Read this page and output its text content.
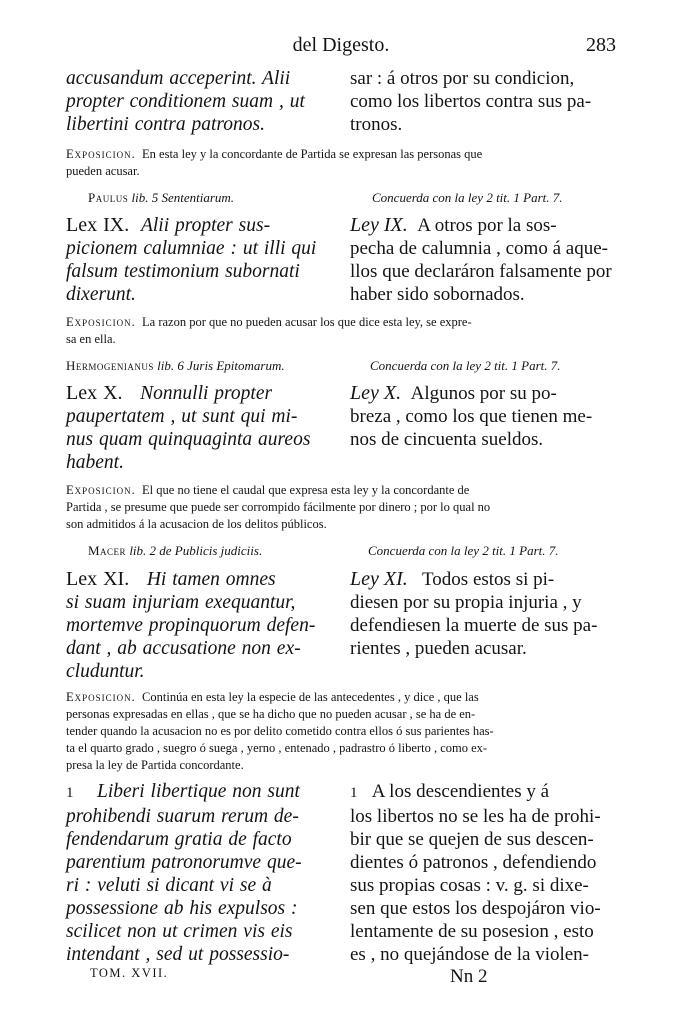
del Digesto.	283
accusandum acceperint. Alii
propter conditionem suam , ut
libertini contra patronos.
sar : á otros por su condicion,
como los libertos contra sus pa-
tronos.
Exposicion. En esta ley y la concordante de Partida se expresan las personas que
pueden acusar.
Paulus lib. 5 Sententiarum.	Concuerda con la ley 2 tit. 1 Part. 7.
Lex IX. Alii propter sus-
picionem calumniae : ut illi qui
falsum testimonium subornati
dixerunt.
Ley IX. A otros por la sos-
pecha de calumnia , como á aque-
llos que declaráron falsamente por
haber sido sobornados.
Exposicion. La razon por que no pueden acusar los que dice esta ley, se expre-
sa en ella.
Hermogenianus lib. 6 Juris Epitomarum.	Concuerda con la ley 2 tit. 1 Part. 7.
Lex X. Nonnulli propter
paupertatem , ut sunt qui mi-
nus quam quinquaginta aureos
habent.
Ley X. Algunos por su po-
breza , como los que tienen me-
nos de cincuenta sueldos.
Exposicion. El que no tiene el caudal que expresa esta ley y la concordante de
Partida , se presume que puede ser corrompido fácilmente por dinero ; por lo qual no
son admitidos á la acusacion de los delitos públicos.
Macer lib. 2 de Publicis judiciis.	Concuerda con la ley 2 tit. 1 Part. 7.
Lex XI. Hi tamen omnes
si suam injuriam exequantur,
mortemve propinquorum defen-
dant , ab accusatione non ex-
cluduntur.
Ley XI. Todos estos si pi-
diesen por su propia injuria , y
defendiesen la muerte de sus pa-
rientes , pueden acusar.
Exposicion. Continúa en esta ley la especie de las antecedentes , y dice , que las
personas expresadas en ellas , que se ha dicho que no pueden acusar , se ha de en-
tender quando la acusacion no es por delito cometido contra ellos ó sus parientes has-
ta el quarto grado , suegro ó suega , yerno , entenado , padrastro ó liberto , como ex-
presa la ley de Partida concordante.
1 Liberi libertique non sunt
prohibendi suarum rerum de-
fendendarum gratia de facto
parentium patronorumve que-
ri : veluti si dicant vi se à
possessione ab his expulsos :
scilicet non ut crimen vis eis
intendant , sed ut possessio-
1 A los descendientes y á
los libertos no se les ha de prohi-
bir que se quejen de sus descen-
dientes ó patronos , defendiendo
sus propias cosas : v. g. si dixe-
sen que estos los despojáron vio-
lentamente de su posesion , esto
es , no quejándose de la violen-
TOM. XVII.	Nn 2
